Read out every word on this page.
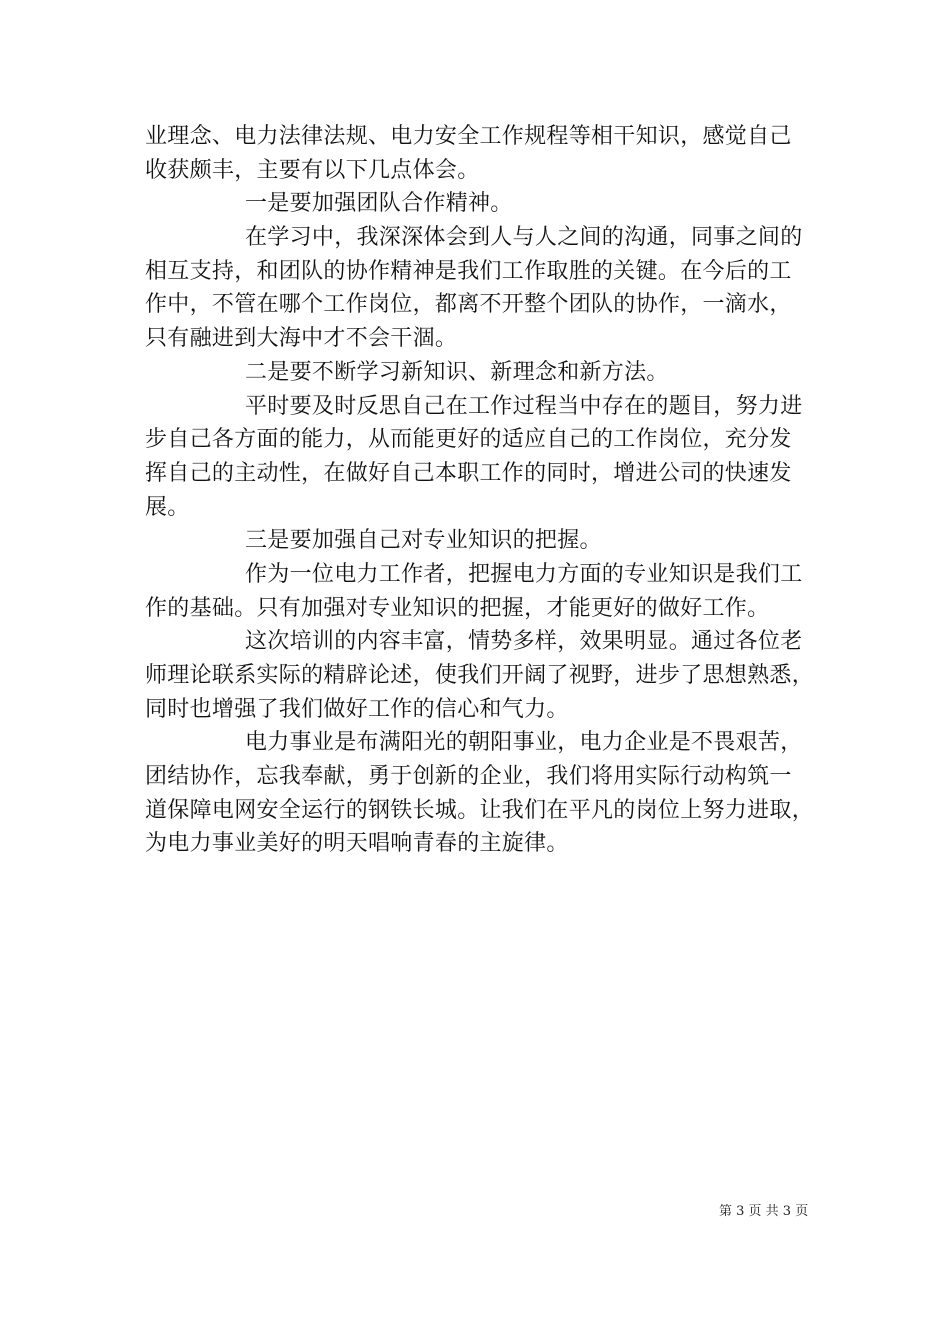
业理念、电力法律法规、电力安全工作规程等相干知识，感觉自己
收获颇丰，主要有以下几点体会。
一是要加强团队合作精神。
在学习中，我深深体会到人与人之间的沟通，同事之间的
相互支持，和团队的协作精神是我们工作取胜的关键。在今后的工
作中，不管在哪个工作岗位，都离不开整个团队的协作，一滴水，
只有融进到大海中才不会干涸。
二是要不断学习新知识、新理念和新方法。
平时要及时反思自己在工作过程当中存在的题目，努力进
步自己各方面的能力，从而能更好的适应自己的工作岗位，充分发
挥自己的主动性，在做好自己本职工作的同时，增进公司的快速发
展。
三是要加强自己对专业知识的把握。
作为一位电力工作者，把握电力方面的专业知识是我们工
作的基础。只有加强对专业知识的把握，才能更好的做好工作。
这次培训的内容丰富，情势多样，效果明显。通过各位老
师理论联系实际的精辟论述，使我们开阔了视野，进步了思想熟悉，
同时也增强了我们做好工作的信心和气力。
电力事业是布满阳光的朝阳事业，电力企业是不畏艰苦，
团结协作，忘我奉献，勇于创新的企业，我们将用实际行动构筑一
道保障电网安全运行的钢铁长城。让我们在平凡的岗位上努力进取，
为电力事业美好的明天唱响青春的主旋律。
第 3 页 共 3 页
